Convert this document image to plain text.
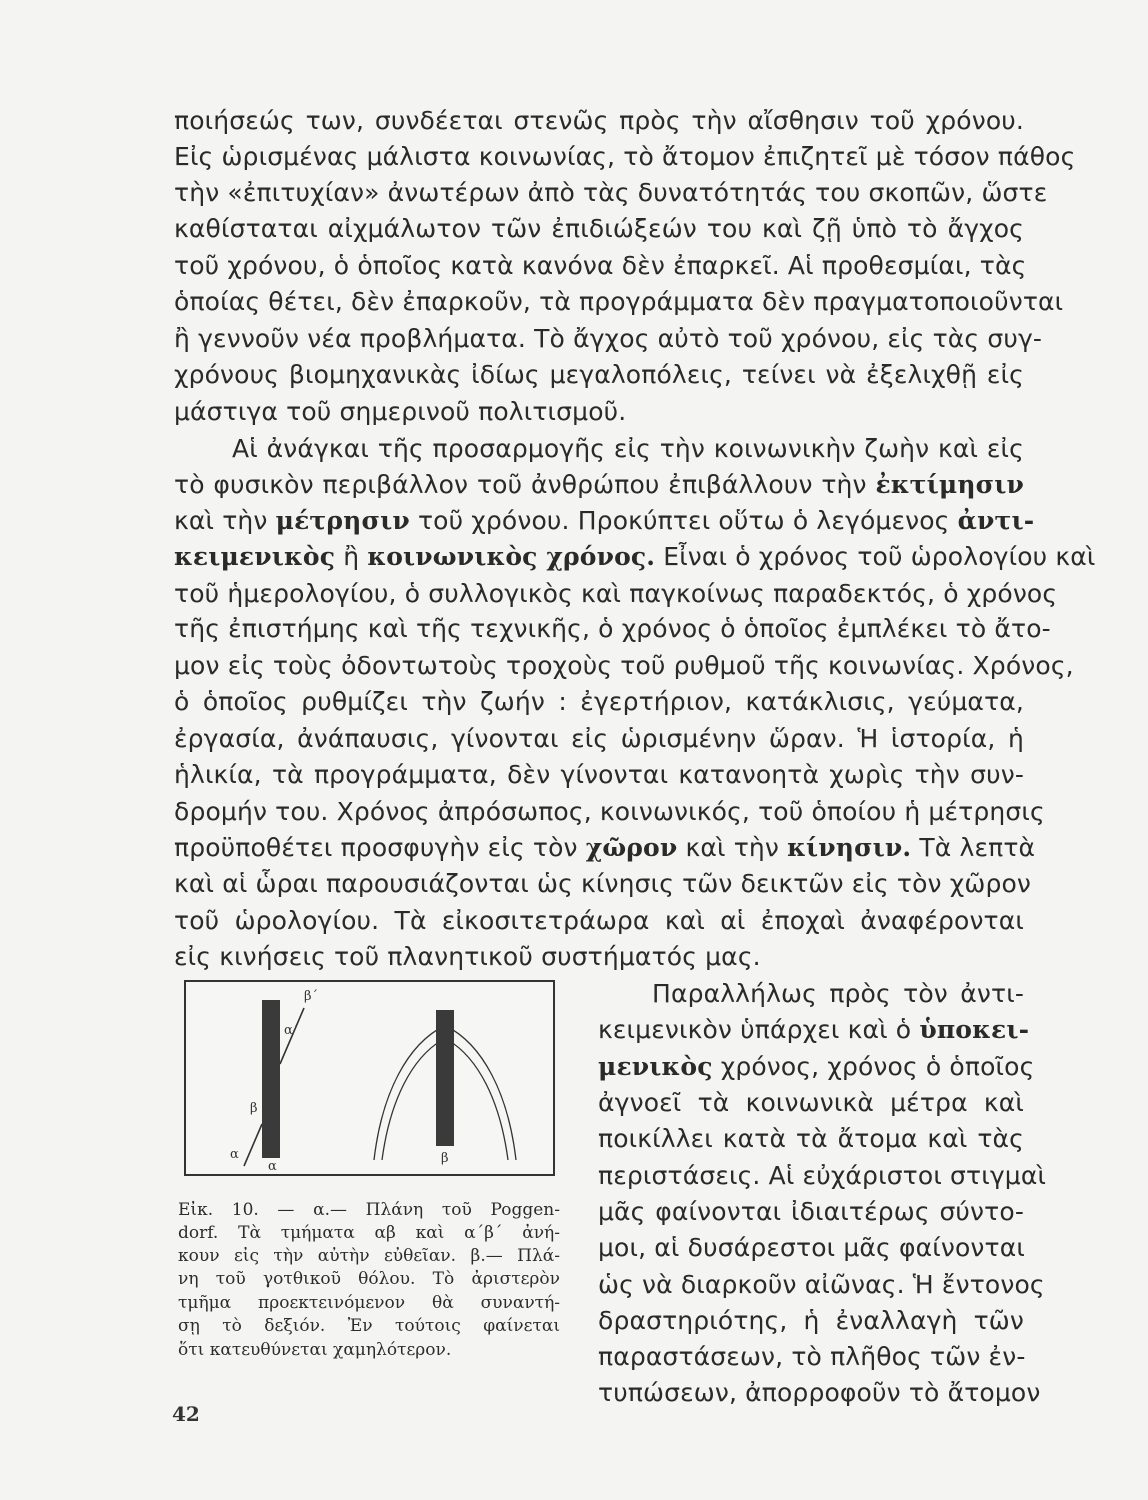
ποιήσεώς των, συνδέεται στενῶς πρὸς τὴν αἴσθησιν τοῦ χρόνου.
Εἰς ὡρισμένας μάλιστα κοινωνίας, τὸ ἄτομον ἐπιζητεῖ μὲ τόσον πάθος
τὴν «ἐπιτυχίαν» ἀνωτέρων ἀπὸ τὰς δυνατότητάς του σκοπῶν, ὥστε
καθίσταται αἰχμάλωτον τῶν ἐπιδιώξεών του καὶ ζῇ ὑπὸ τὸ ἄγχος
τοῦ χρόνου, ὁ ὁποῖος κατὰ κανόνα δὲν ἐπαρκεῖ. Αἱ προθεσμίαι, τὰς
ὁποίας θέτει, δὲν ἐπαρκοῦν, τὰ προγράμματα δὲν πραγματοποιοῦνται
ἢ γεννοῦν νέα προβλήματα. Τὸ ἄγχος αὐτὸ τοῦ χρόνου, εἰς τὰς συγ-
χρόνους βιομηχανικὰς ἰδίως μεγαλοπόλεις, τείνει νὰ ἐξελιχθῇ εἰς
μάστιγα τοῦ σημερινοῦ πολιτισμοῦ.
Αἱ ἀνάγκαι τῆς προσαρμογῆς εἰς τὴν κοινωνικὴν ζωὴν καὶ εἰς
τὸ φυσικὸν περιβάλλον τοῦ ἀνθρώπου ἐπιβάλλουν τὴν ἐκτίμησιν
καὶ τὴν μέτρησιν τοῦ χρόνου. Προκύπτει οὕτω ὁ λεγόμενος ἀντι-
κειμενικὸς ἢ κοινωνικὸς χρόνος. Εἶναι ὁ χρόνος τοῦ ὡρολογίου καὶ
τοῦ ἡμερολογίου, ὁ συλλογικὸς καὶ παγκοίνως παραδεκτός, ὁ χρόνος
τῆς ἐπιστήμης καὶ τῆς τεχνικῆς, ὁ χρόνος ὁ ὁποῖος ἐμπλέκει τὸ ἄτο-
μον εἰς τοὺς ὀδοντωτοὺς τροχοὺς τοῦ ρυθμοῦ τῆς κοινωνίας. Χρόνος,
ὁ ὁποῖος ρυθμίζει τὴν ζωήν : ἐγερτήριον, κατάκλισις, γεύματα,
ἐργασία, ἀνάπαυσις, γίνονται εἰς ὡρισμένην ὥραν. Ἡ ἱστορία, ἡ
ἡλικία, τὰ προγράμματα, δὲν γίνονται κατανοητὰ χωρὶς τὴν συν-
δρομήν του. Χρόνος ἀπρόσωπος, κοινωνικός, τοῦ ὁποίου ἡ μέτρησις
προϋποθέτει προσφυγὴν εἰς τὸν χῶρον καὶ τὴν κίνησιν. Τὰ λεπτὰ
καὶ αἱ ὧραι παρουσιάζονται ὡς κίνησις τῶν δεικτῶν εἰς τὸν χῶρον
τοῦ ὡρολογίου. Τὰ εἰκοσιτετράωρα καὶ αἱ ἐποχαὶ ἀναφέρονται
εἰς κινήσεις τοῦ πλανητικοῦ συστήματός μας.
Παραλλήλως πρὸς τὸν ἀντι-
κειμενικὸν ὑπάρχει καὶ ὁ ὑποκει-
μενικὸς χρόνος, χρόνος ὁ ὁποῖος
ἀγνοεῖ τὰ κοινωνικὰ μέτρα καὶ
ποικίλλει κατὰ τὰ ἄτομα καὶ τὰς
περιστάσεις. Αἱ εὐχάριστοι στιγμαὶ
μᾶς φαίνονται ἰδιαιτέρως σύντο-
μοι, αἱ δυσάρεστοι μᾶς φαίνονται
ὡς νὰ διαρκοῦν αἰῶνας. Ἡ ἔντονος
δραστηριότης, ἡ ἐναλλαγὴ τῶν
παραστάσεων, τὸ πλῆθος τῶν ἐν-
τυπώσεων, ἀπορροφοῦν τὸ ἄτομον
β΄
α΄
β
α
α
β
Εἰκ. 10. — α.— Πλάνη τοῦ Poggen-
dorf. Τὰ τμήματα αβ καὶ α΄β΄ ἀνή-
κουν εἰς τὴν αὐτὴν εὐθεῖαν. β.— Πλά-
νη τοῦ γοτθικοῦ θόλου. Τὸ ἀριστερὸν
τμῆμα προεκτεινόμενον θὰ συναντή-
σῃ τὸ δεξιόν. Ἐν τούτοις φαίνεται
ὅτι κατευθύνεται χαμηλότερον.
42
